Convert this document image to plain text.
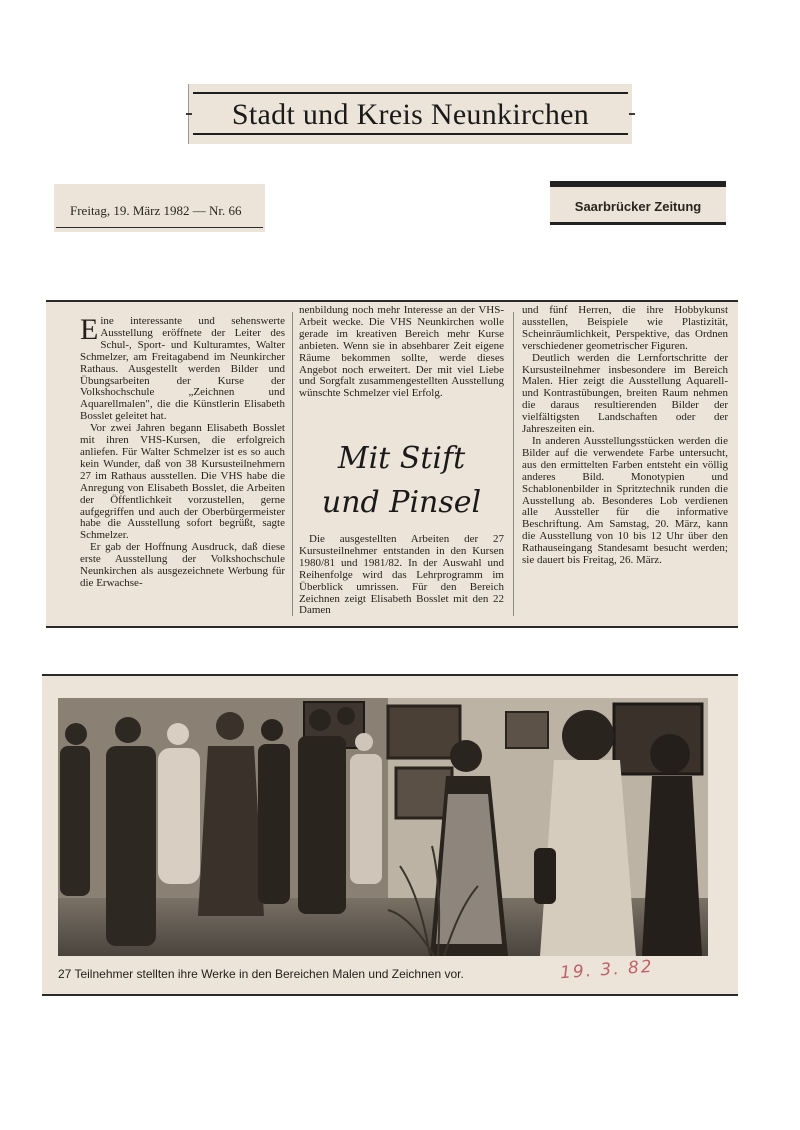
Stadt und Kreis Neunkirchen
Freitag, 19. März 1982 — Nr. 66	Saarbrücker Zeitung

Eine interessante und sehenswerte Ausstellung eröffnete der Leiter des Schul-, Sport- und Kulturamtes, Walter Schmelzer, am Freitagabend im Neunkircher Rathaus. Ausgestellt werden Bilder und Übungsarbeiten der Kurse der Volkshochschule „Zeichnen und Aquarellmalen", die die Künstlerin Elisabeth Bosslet geleitet hat.

Vor zwei Jahren begann Elisabeth Bosslet mit ihren VHS-Kursen, die erfolgreich anliefen. Für Walter Schmelzer ist es so auch kein Wunder, daß von 38 Kursusteilnehmern 27 im Rathaus ausstellen. Die VHS habe die Anregung von Elisabeth Bosslet, die Arbeiten der Öffentlichkeit vorzustellen, gerne aufgegriffen und auch der Oberbürgermeister habe die Ausstellung sofort begrüßt, sagte Schmelzer.

Er gab der Hoffnung Ausdruck, daß diese erste Ausstellung der Volkshochschule Neunkirchen als ausgezeichnete Werbung für die Erwachse-

nenbildung noch mehr Interesse an der VHS-Arbeit wecke. Die VHS Neunkirchen wolle gerade im kreativen Bereich mehr Kurse anbieten. Wenn sie in absehbarer Zeit eigene Räume bekommen sollte, werde dieses Angebot noch erweitert. Der mit viel Liebe und Sorgfalt zusammengestellten Ausstellung wünschte Schmelzer viel Erfolg.

Mit Stift
und Pinsel

Die ausgestellten Arbeiten der 27 Kursusteilnehmer entstanden in den Kursen 1980/81 und 1981/82. In der Auswahl und Reihenfolge wird das Lehrprogramm im Überblick umrissen. Für den Bereich Zeichnen zeigt Elisabeth Bosslet mit den 22 Damen

und fünf Herren, die ihre Hobbykunst ausstellen, Beispiele wie Plastizität, Scheinräumlichkeit, Perspektive, das Ordnen verschiedener geometrischer Figuren.

Deutlich werden die Lernfortschritte der Kursusteilnehmer insbesondere im Bereich Malen. Hier zeigt die Ausstellung Aquarell- und Kontrastübungen, breiten Raum nehmen die daraus resultierenden Bilder der vielfältigsten Landschaften oder der Jahreszeiten ein.

In anderen Ausstellungsstücken werden die Bilder auf die verwendete Farbe untersucht, aus den ermittelten Farben entsteht ein völlig anderes Bild. Monotypien und Schablonenbilder in Spritztechnik runden die Ausstellung ab. Besonderes Lob verdienen alle Aussteller für die informative Beschriftung. Am Samstag, 20. März, kann die Ausstellung von 10 bis 12 Uhr über den Rathauseingang Standesamt besucht werden; sie dauert bis Freitag, 26. März.

27 Teilnehmer stellten ihre Werke in den Bereichen Malen und Zeichnen vor.	19. 3. 82
